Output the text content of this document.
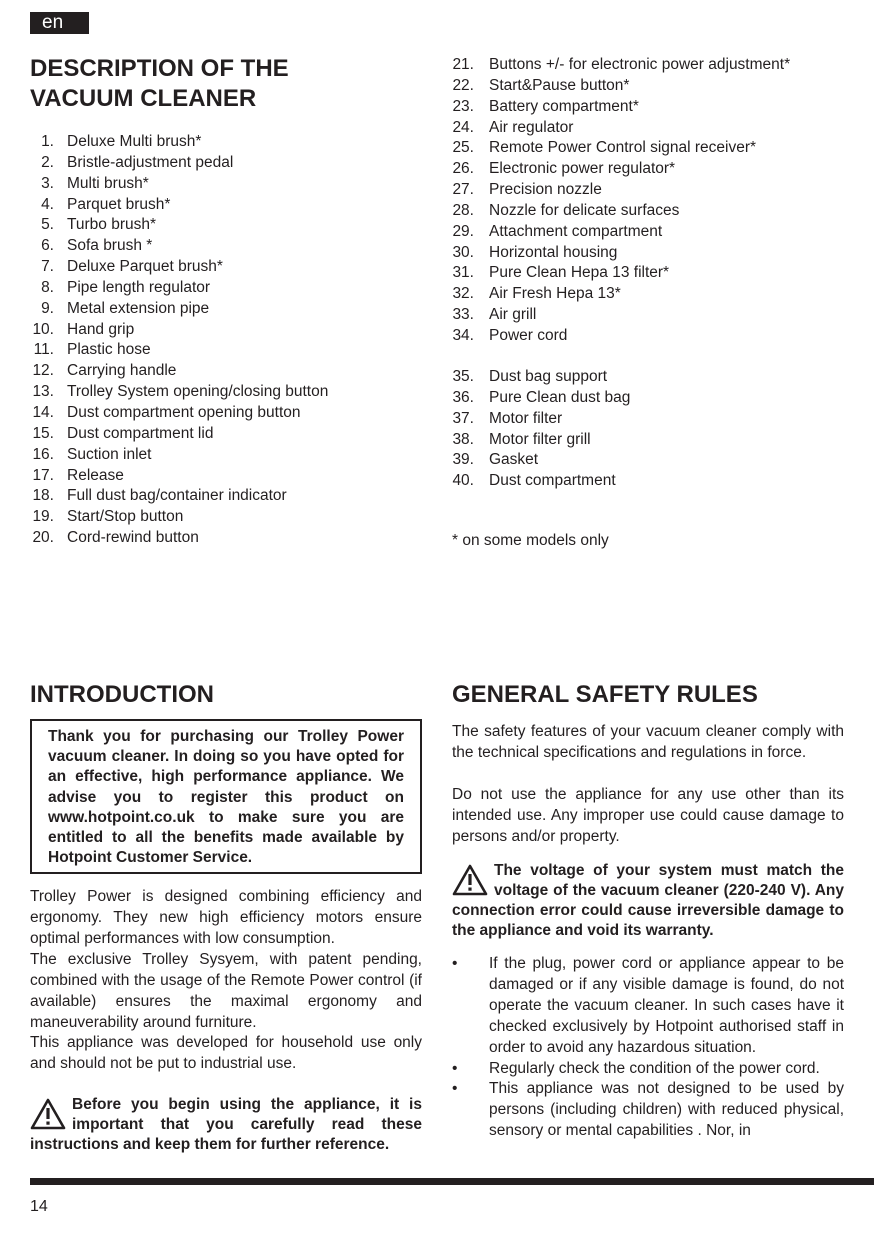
en
DESCRIPTION OF THE
VACUUM CLEANER
1. Deluxe Multi brush*
2. Bristle-adjustment pedal
3. Multi brush*
4. Parquet brush*
5. Turbo brush*
6. Sofa brush *
7. Deluxe Parquet brush*
8. Pipe length regulator
9. Metal extension pipe
10. Hand grip
11. Plastic hose
12. Carrying handle
13. Trolley System opening/closing button
14. Dust compartment opening button
15. Dust compartment lid
16. Suction inlet
17. Release
18. Full dust bag/container indicator
19. Start/Stop button
20. Cord-rewind button
21. Buttons +/- for electronic power adjustment*
22. Start&Pause button*
23. Battery compartment*
24. Air regulator
25. Remote Power Control signal receiver*
26. Electronic power regulator*
27. Precision nozzle
28. Nozzle for delicate surfaces
29. Attachment compartment
30. Horizontal housing
31. Pure Clean Hepa 13 filter*
32. Air Fresh Hepa 13*
33. Air grill
34. Power cord
35. Dust bag support
36. Pure Clean dust bag
37. Motor filter
38. Motor filter grill
39. Gasket
40. Dust compartment

* on some models only

INTRODUCTION
Thank you for purchasing our Trolley Power vacuum cleaner. In doing so you have opted for an effective, high performance appliance. We advise you to register this product on www.hotpoint.co.uk to make sure you are entitled to all the benefits made available by Hotpoint Customer Service.

Trolley Power is designed combining efficiency and ergonomy. They new high efficiency motors ensure optimal performances with low consumption.

The exclusive Trolley Sysyem, with patent pending, combined with the usage of the Remote Power control (if available) ensures the maximal ergonomy and maneuverability around furniture.

This appliance was developed for household use only and should not be put to industrial use.

Before you begin using the appliance, it is important that you carefully read these instructions and keep them for further reference.
GENERAL SAFETY RULES

The safety features of your vacuum cleaner comply with the technical specifications and regulations in force.

Do not use the appliance for any use other than its intended use. Any improper use could cause damage to persons and/or property.

The voltage of your system must match the voltage of the vacuum cleaner (220-240 V). Any connection error could cause irreversible damage to the appliance and void its warranty.
• If the plug, power cord or appliance appear to be damaged or if any visible damage is found, do not operate the vacuum cleaner. In such cases have it checked exclusively by Hotpoint authorised staff in order to avoid any hazardous situation.
• Regularly check the condition of the power cord.
• This appliance was not designed to be used by persons (including children) with reduced physical, sensory or mental capabilities . Nor, in
14
